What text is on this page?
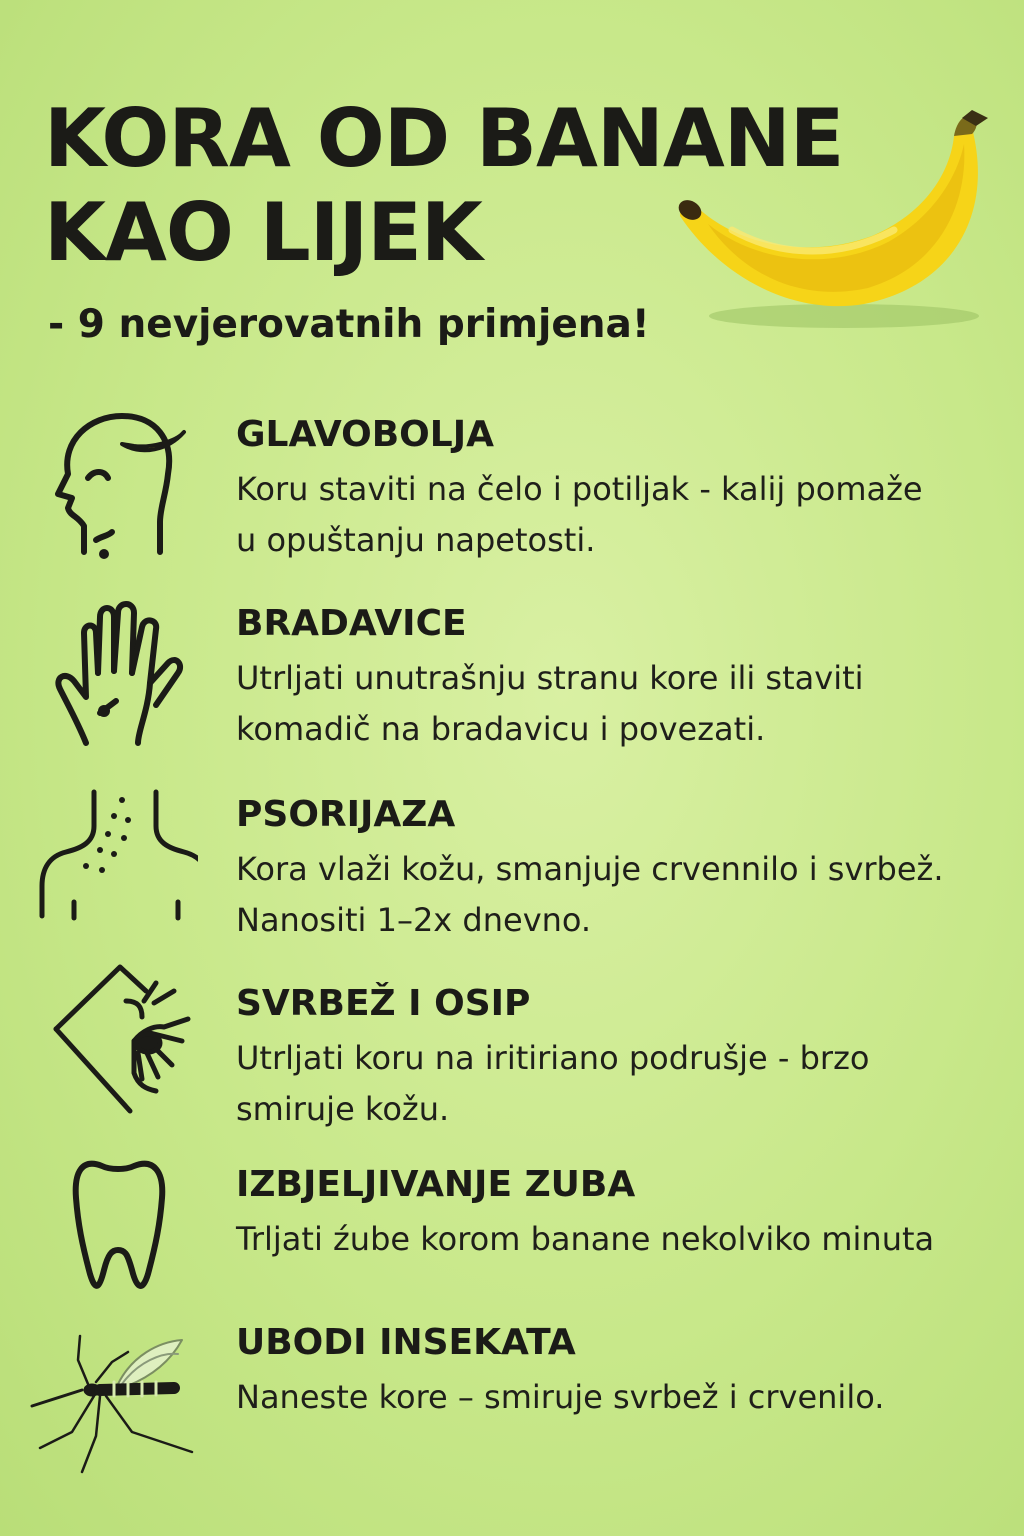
KORA OD BANANE
KAO LIJEK

- 9 nevjerovatnih primjena!

GLAVOBOLJA
Koru staviti na čelo i potiljak - kalij pomaže
u opuštanju napetosti.
BRADAVICE
Utrljati unutrašnju stranu kore ili staviti
komadič na bradavicu i povezati.
PSORIJAZA
Kora vlaži kožu, smanjuje crvennilo i svrbež.
Nanositi 1–2x dnevno.
SVRBEŽ I OSIP
Utrljati koru na iritiriano podrušje - brzo
smiruje kožu.
IZBJELJIVANJE ZUBA
Trljati źube korom banane nekolviko minuta
UBODI INSEKATA
Naneste kore – smiruje svrbež i crvenilo.
